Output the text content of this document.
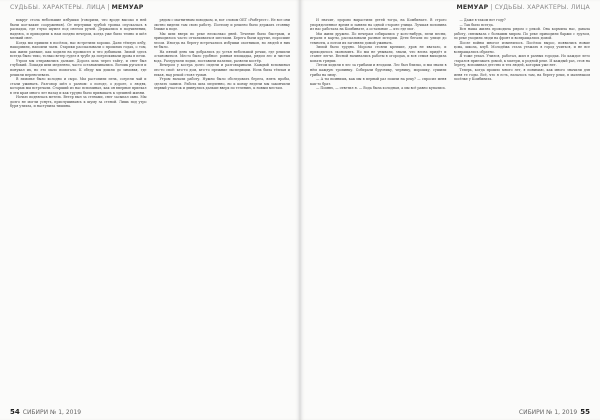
СУДЬБЫ. ХАРАКТЕРЫ. ЛИЦА | МЕМУАР

вокруг стола небольшие избушки (говорили, что вроде высоко в ней были кое-какие сооружения). От вертушки трубой тропка спускалась в распадок, где глухо шумел под снегом ручей. Держались в подчинении, надеясь, и приходили к нам поздно вечером, когда уже было темно и шёл мелкий снег.

Когда мы пришли в посёлок, нас встретили хорошо. Дали тёплую избу, накормили, напоили чаем. Старики рассказывали о прошлых годах, о том, как жили раньше, как ходили на промысел и что добывали. Зимой здесь всегда было тихо, только ветер гудел в трубе да потрескивали дрова в печи.

Утром мы отправились дальше. Дорога шла через тайгу, и снег был глубокий. Лошади шли медленно, часто останавливались. Возчик ругался и понукал их, но это мало помогало. К обеду мы дошли до зимовья, где решили переночевать.

В зимовье было холодно и сыро. Мы растопили печь, согрели чай и стали ужинать. Разговор шёл о разном: о погоде, о дороге, о людях, которых мы встречали. Старший из нас вспоминал, как он впервые приехал в эти края много лет назад и как трудно было привыкать к здешней жизни.

Ночью поднялась метель. Ветер выл за стенами, снег засыпал окно. Мы долго не могли уснуть, прислушиваясь к шуму за стеной. Лишь под утро буря утихла, и наступила тишина.

рядом с магнитным поводком, и, вот словом ОБТ «Рыбтрест». Не все они охотно видели там свою работу. Поэтому и решено было держать стоянку ближе к воде.

Мы шли вверх по реке несколько дней. Течение было быстрым, и приходилось часто отталкиваться шестами. Берега были крутые, поросшие лесом. Иногда на берегу встречались избушки охотников, но людей в них не было.

На пятый день мы добрались до устья небольшой речки, где решили остановиться. Место было удобное: ровная площадка, рядом лес и чистая вода. Разгрузили лодки, поставили палатки, развели костёр.

Вечером у костра долго сидели и разговаривали. Каждый вспоминал что-то своё: кто-то дом, кто-то прежние экспедиции. Ночь была тёплая и тихая, над рекой стоял туман.

Утром начали работу. Нужно было обследовать берега, взять пробы, сделать записи. Работа шла медленно, но к концу недели мы закончили первый участок и двинулись дальше вверх по течению, к новым местам.

54 СИБИРИ № 1, 2019
МЕМУАР | СУДЬБЫ. ХАРАКТЕРЫ. ЛИЦА

И значит, здорово вырастили детей тогда, на Комбинате. В строго упорядоченное время и заняли на одной стороне улицы. Лучшая половина из нас работала на Комбинате, а остальные — кто где мог.

Мы жили дружно. По вечерам собирались у кого-нибудь, пели песни, играли в карты, рассказывали разные истории. Дети бегали по улице до темноты, а потом их загоняли домой ужинать.

Зимой было трудно. Морозы стояли крепкие, дров не хватало, и приходилось экономить. Но мы не унывали, знали, что весна придёт и станет легче. Весной начинались работы в огородах, и вся семья выходила копать грядки.

Летом ходили в лес за грибами и ягодами. Лес был близко, и мы знали в нём каждую тропинку. Собирали бруснику, чернику, морошку, сушили грибы на зиму.

— А ты помнишь, как мы в первый раз пошли на реку? — спросил меня как-то брат.

— Помню, — ответил я. — Вода была холодная, а мы всё равно купались.

— Даже в таком вот году?

— Так было всегда.

Вся наша жизнь проходила рядом с рекой. Она кормила нас, давала работу, связывала с большим миром. По реке приходили баржи с грузом, по реке уходили люди на фронт и возвращались домой.

После войны многое изменилось. Посёлок вырос, появились новые дома, школа, клуб. Молодёжь стала уезжать в город учиться, и не все возвращались обратно.

Я тоже уехал. Учился, работал, жил в разных городах. Но каждое лето старался приезжать домой, к матери, к родной реке. И каждый раз, стоя на берегу, вспоминал детство и тех людей, которых уже нет.

Теперь, когда прошло много лет, я понимаю, как много значили для меня те годы. Всё, что я есть, началось там, на берегу реки, в маленьком посёлке у Комбината.

СИБИРИ № 1, 2019 55
